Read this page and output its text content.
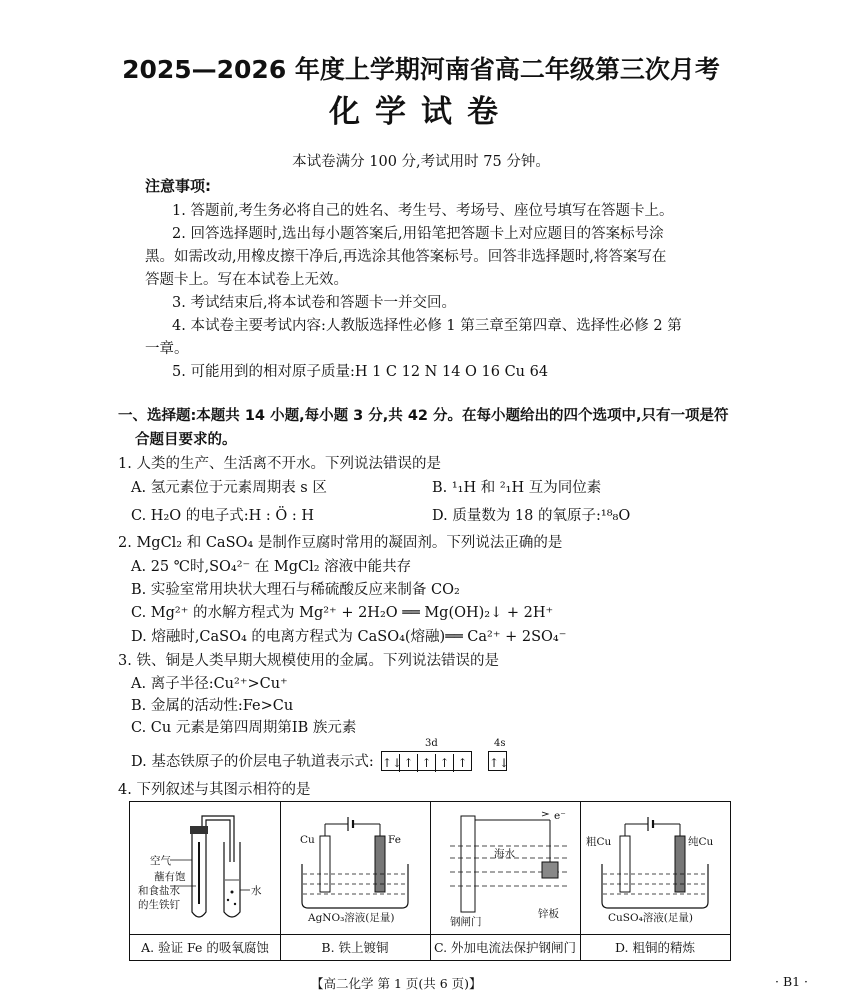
2025—2026 年度上学期河南省高二年级第三次月考
化学试卷
本试卷满分 100 分,考试用时 75 分钟。
注意事项:
1. 答题前,考生务必将自己的姓名、考生号、考场号、座位号填写在答题卡上。
2. 回答选择题时,选出每小题答案后,用铅笔把答题卡上对应题目的答案标号涂
黑。如需改动,用橡皮擦干净后,再选涂其他答案标号。回答非选择题时,将答案写在
答题卡上。写在本试卷上无效。
3. 考试结束后,将本试卷和答题卡一并交回。
4. 本试卷主要考试内容:人教版选择性必修 1 第三章至第四章、选择性必修 2 第
一章。
5. 可能用到的相对原子质量:H 1 C 12 N 14 O 16 Cu 64
一、选择题:本题共 14 小题,每小题 3 分,共 42 分。在每小题给出的四个选项中,只有一项是符
合题目要求的。
1. 人类的生产、生活离不开水。下列说法错误的是
A. 氢元素位于元素周期表 s 区	B. ¹₁H 和 ²₁H 互为同位素
C. H₂O 的电子式:H : Ö : H	D. 质量数为 18 的氧原子:¹⁸₈O
2. MgCl₂ 和 CaSO₄ 是制作豆腐时常用的凝固剂。下列说法正确的是
A. 25 ℃时,SO₄²⁻ 在 MgCl₂ 溶液中能共存
B. 实验室常用块状大理石与稀硫酸反应来制备 CO₂
C. Mg²⁺ 的水解方程式为 Mg²⁺ + 2H₂O ══ Mg(OH)₂↓ + 2H⁺
D. 熔融时,CaSO₄ 的电离方程式为 CaSO₄(熔融)══ Ca²⁺ + 2SO₄⁻
3. 铁、铜是人类早期大规模使用的金属。下列说法错误的是
A. 离子半径:Cu²⁺>Cu⁺
B. 金属的活动性:Fe>Cu
C. Cu 元素是第四周期第ⅠB 族元素
D. 基态铁原子的价层电子轨道表示式:
3d	4s
↑↓↑ ↑ ↑ ↑	↑↓
4. 下列叙述与其图示相符的是
空气
蘸有饱
和食盐水
的生铁钉
水
A. 验证 Fe 的吸氧腐蚀
Cu	Fe
AgNO₃溶液(足量)
B. 铁上镀铜
e⁻
海水
钢闸门
锌板
C. 外加电流法保护钢闸门
粗Cu	纯Cu
CuSO₄溶液(足量)
D. 粗铜的精炼
【高二化学 第 1 页(共 6 页)】	· B1 ·
